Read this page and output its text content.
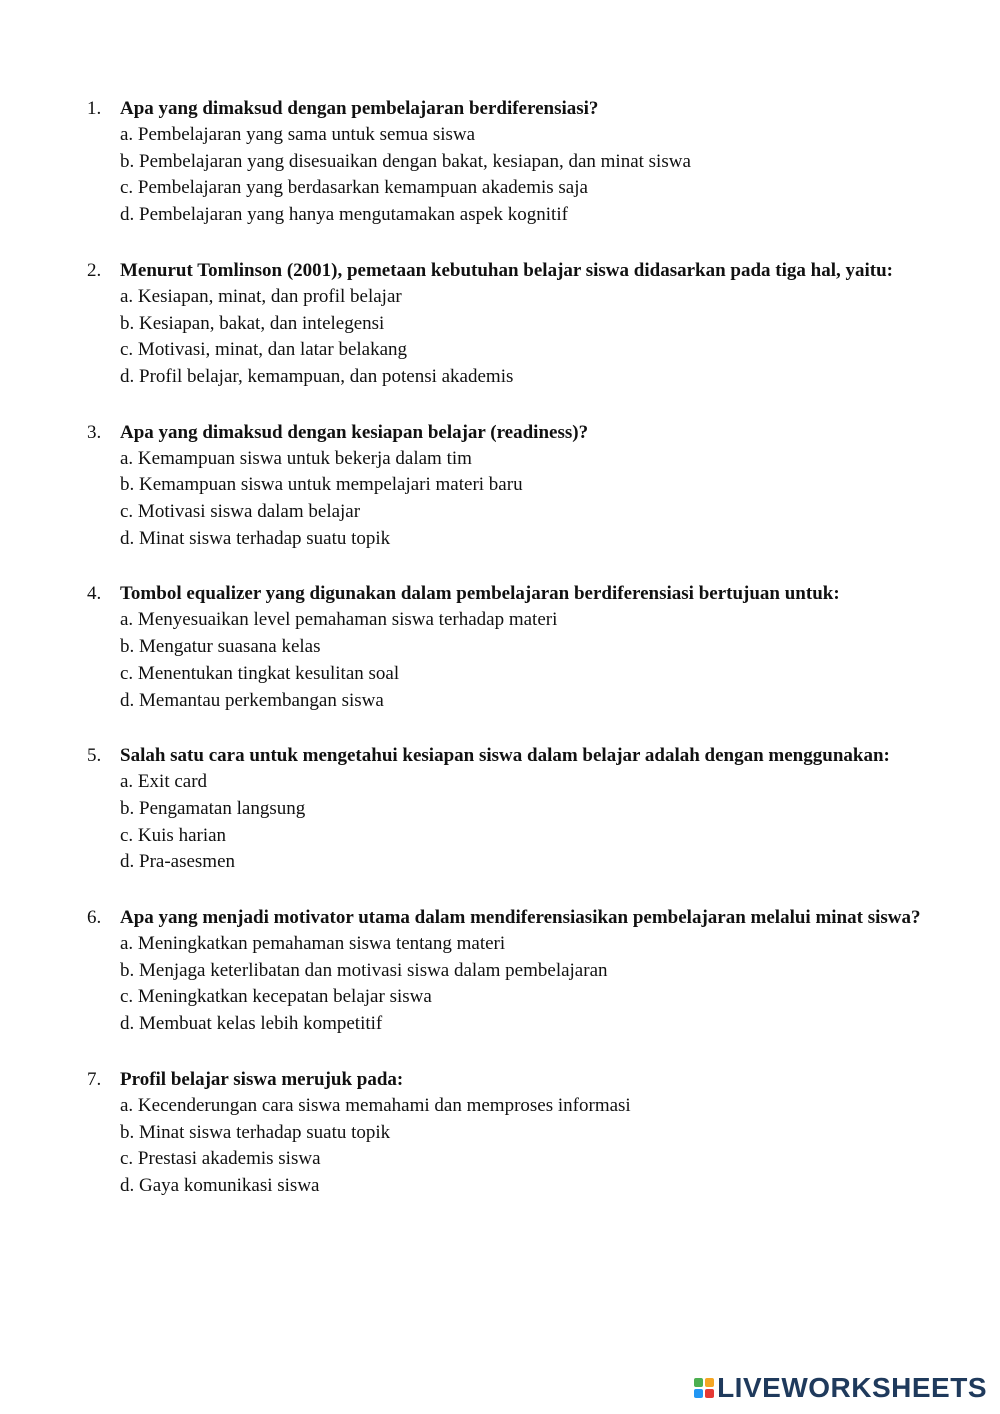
1. Apa yang dimaksud dengan pembelajaran berdiferensiasi?
a. Pembelajaran yang sama untuk semua siswa
b. Pembelajaran yang disesuaikan dengan bakat, kesiapan, dan minat siswa
c. Pembelajaran yang berdasarkan kemampuan akademis saja
d. Pembelajaran yang hanya mengutamakan aspek kognitif
2. Menurut Tomlinson (2001), pemetaan kebutuhan belajar siswa didasarkan pada tiga hal, yaitu:
a. Kesiapan, minat, dan profil belajar
b. Kesiapan, bakat, dan intelegensi
c. Motivasi, minat, dan latar belakang
d. Profil belajar, kemampuan, dan potensi akademis
3. Apa yang dimaksud dengan kesiapan belajar (readiness)?
a. Kemampuan siswa untuk bekerja dalam tim
b. Kemampuan siswa untuk mempelajari materi baru
c. Motivasi siswa dalam belajar
d. Minat siswa terhadap suatu topik
4. Tombol equalizer yang digunakan dalam pembelajaran berdiferensiasi bertujuan untuk:
a. Menyesuaikan level pemahaman siswa terhadap materi
b. Mengatur suasana kelas
c. Menentukan tingkat kesulitan soal
d. Memantau perkembangan siswa
5. Salah satu cara untuk mengetahui kesiapan siswa dalam belajar adalah dengan menggunakan:
a. Exit card
b. Pengamatan langsung
c. Kuis harian
d. Pra-asesmen
6. Apa yang menjadi motivator utama dalam mendiferensiasikan pembelajaran melalui minat siswa?
a. Meningkatkan pemahaman siswa tentang materi
b. Menjaga keterlibatan dan motivasi siswa dalam pembelajaran
c. Meningkatkan kecepatan belajar siswa
d. Membuat kelas lebih kompetitif
7. Profil belajar siswa merujuk pada:
a. Kecenderungan cara siswa memahami dan memproses informasi
b. Minat siswa terhadap suatu topik
c. Prestasi akademis siswa
d. Gaya komunikasi siswa
LIVEWORKSHEETS
